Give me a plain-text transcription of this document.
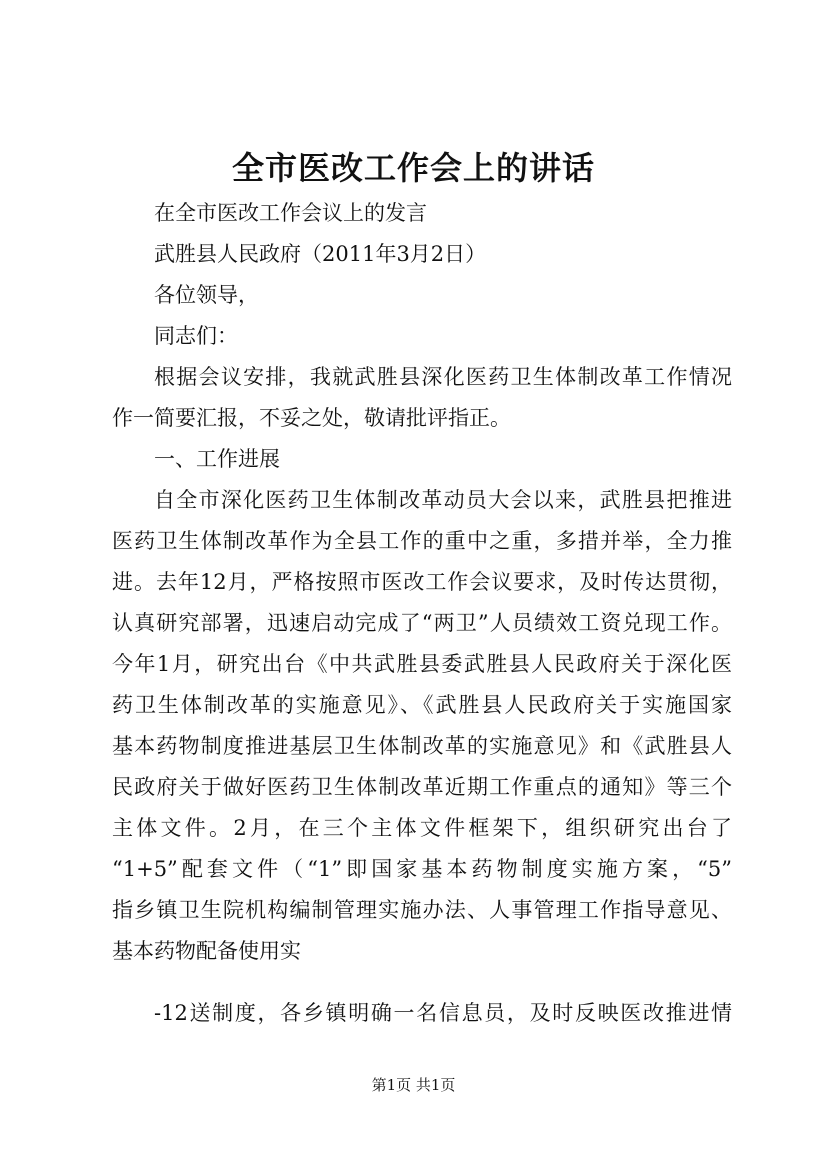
全市医改工作会上的讲话
在全市医改工作会议上的发言
武胜县人民政府（2011年3月2日）
各位领导，
同志们：
根据会议安排，我就武胜县深化医药卫生体制改革工作情况
作一简要汇报，不妥之处，敬请批评指正。
一、工作进展
自全市深化医药卫生体制改革动员大会以来，武胜县把推进
医药卫生体制改革作为全县工作的重中之重，多措并举，全力推
进。去年12月，严格按照市医改工作会议要求，及时传达贯彻，
认真研究部署，迅速启动完成了“两卫”人员绩效工资兑现工作。
今年1月，研究出台《中共武胜县委武胜县人民政府关于深化医
药卫生体制改革的实施意见》、《武胜县人民政府关于实施国家
基本药物制度推进基层卫生体制改革的实施意见》和《武胜县人
民政府关于做好医药卫生体制改革近期工作重点的通知》等三个
主体文件。2月，在三个主体文件框架下，组织研究出台了
“1+5”配套文件（“1”即国家基本药物制度实施方案，“5”
指乡镇卫生院机构编制管理实施办法、人事管理工作指导意见、
基本药物配备使用实
-12送制度，各乡镇明确一名信息员，及时反映医改推进情
第1页 共1页
